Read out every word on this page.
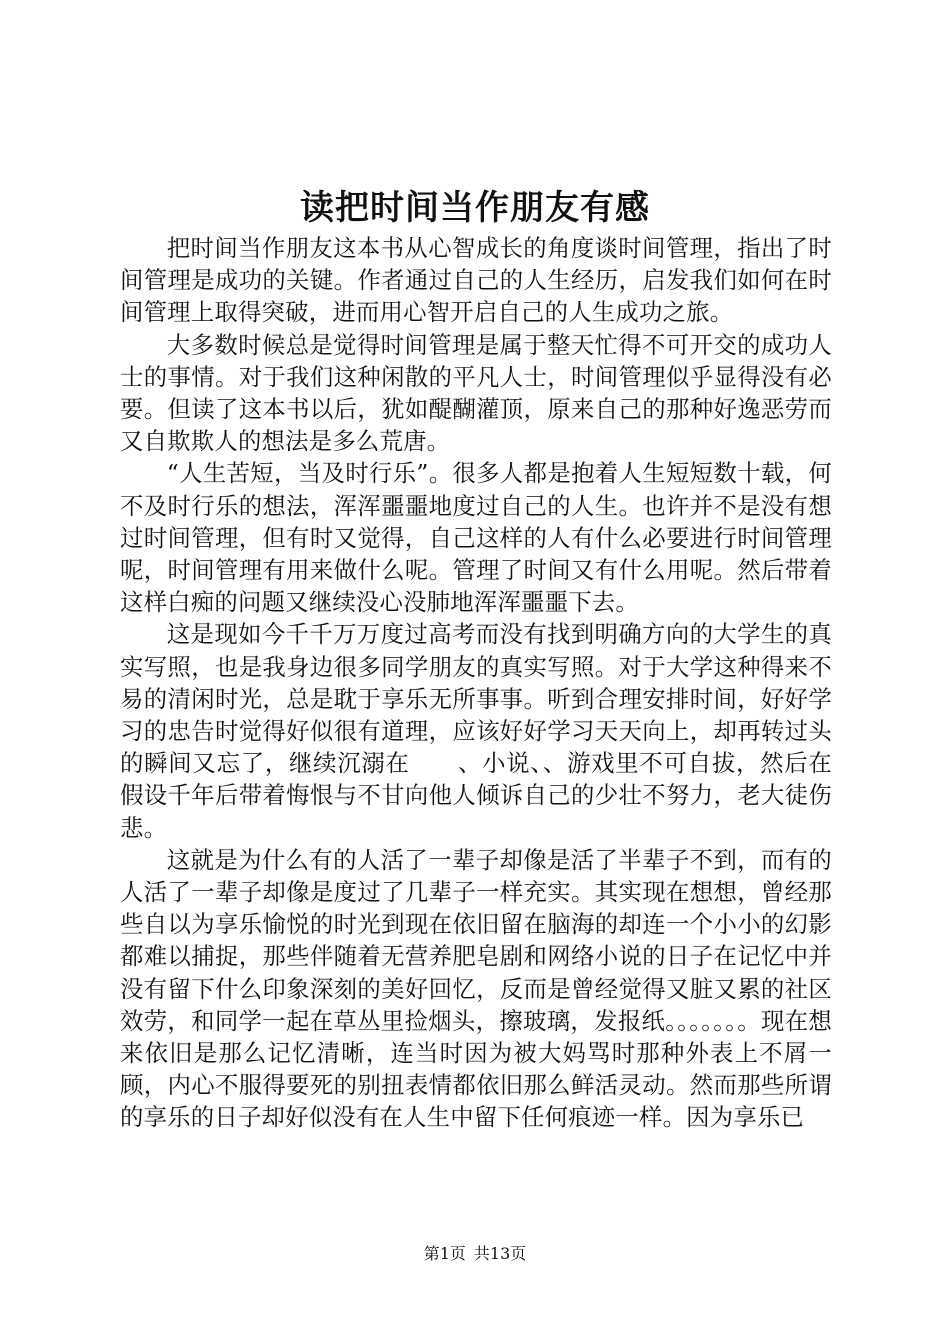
读把时间当作朋友有感

把时间当作朋友这本书从心智成长的角度谈时间管理，指出了时间管理是成功的关键。作者通过自己的人生经历，启发我们如何在时间管理上取得突破，进而用心智开启自己的人生成功之旅。

大多数时候总是觉得时间管理是属于整天忙得不可开交的成功人士的事情。对于我们这种闲散的平凡人士，时间管理似乎显得没有必要。但读了这本书以后，犹如醍醐灌顶，原来自己的那种好逸恶劳而又自欺欺人的想法是多么荒唐。

“人生苦短，当及时行乐”。很多人都是抱着人生短短数十载，何不及时行乐的想法，浑浑噩噩地度过自己的人生。也许并不是没有想过时间管理，但有时又觉得，自己这样的人有什么必要进行时间管理呢，时间管理有用来做什么呢。管理了时间又有什么用呢。然后带着这样白痴的问题又继续没心没肺地浑浑噩噩下去。

这是现如今千千万万度过高考而没有找到明确方向的大学生的真实写照，也是我身边很多同学朋友的真实写照。对于大学这种得来不易的清闲时光，总是耽于享乐无所事事。听到合理安排时间，好好学习的忠告时觉得好似很有道理，应该好好学习天天向上，却再转过头的瞬间又忘了，继续沉溺在　　、小说、、游戏里不可自拔，然后在假设千年后带着悔恨与不甘向他人倾诉自己的少壮不努力，老大徒伤悲。

这就是为什么有的人活了一辈子却像是活了半辈子不到，而有的人活了一辈子却像是度过了几辈子一样充实。其实现在想想，曾经那些自以为享乐愉悦的时光到现在依旧留在脑海的却连一个小小的幻影都难以捕捉，那些伴随着无营养肥皂剧和网络小说的日子在记忆中并没有留下什么印象深刻的美好回忆，反而是曾经觉得又脏又累的社区效劳，和同学一起在草丛里捡烟头，擦玻璃，发报纸。。。。。。。现在想来依旧是那么记忆清晰，连当时因为被大妈骂时那种外表上不屑一顾，内心不服得要死的别扭表情都依旧那么鲜活灵动。然而那些所谓的享乐的日子却好似没有在人生中留下任何痕迹一样。因为享乐已

第1页 共13页
